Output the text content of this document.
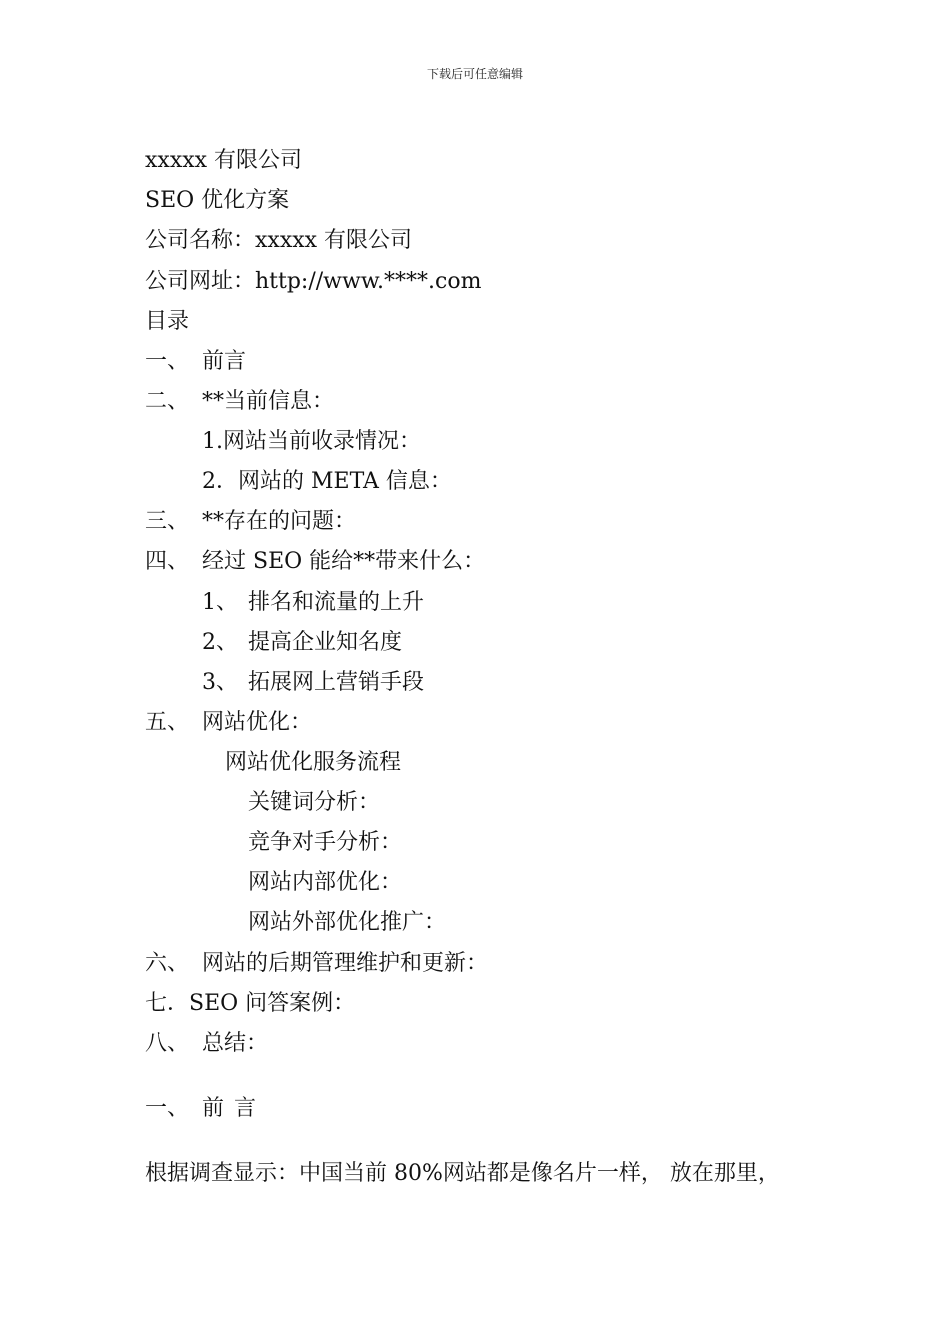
下载后可任意编辑
xxxxx 有限公司
SEO 优化方案
公司名称：xxxxx 有限公司
公司网址：http://www.****.com
目录
一、 前言
二、 **当前信息：
1.网站当前收录情况：
2．网站的 META 信息：
三、 **存在的问题：
四、 经过 SEO 能给**带来什么：
1、 排名和流量的上升
2、 提高企业知名度
3、 拓展网上营销手段
五、 网站优化：
网站优化服务流程
关键词分析：
竞争对手分析：
网站内部优化：
网站外部优化推广：
六、 网站的后期管理维护和更新：
七．SEO 问答案例：
八、 总结：
一、 前 言
根据调查显示：中国当前 80%网站都是像名片一样， 放在那里，
